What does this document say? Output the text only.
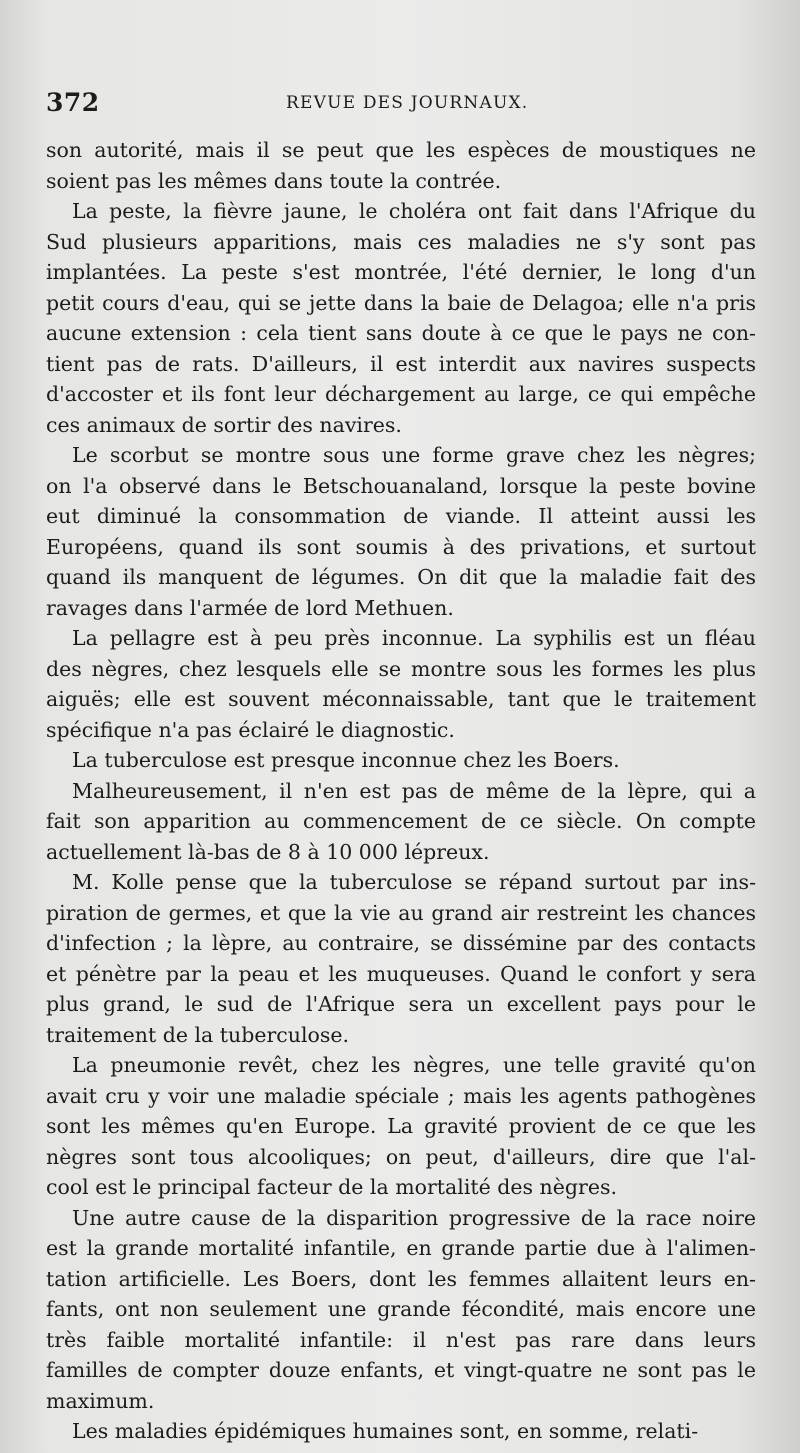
372	REVUE DES JOURNAUX.
son autorité, mais il se peut que les espèces de moustiques ne
soient pas les mêmes dans toute la contrée.
La peste, la fièvre jaune, le choléra ont fait dans l'Afrique du
Sud plusieurs apparitions, mais ces maladies ne s'y sont pas
implantées. La peste s'est montrée, l'été dernier, le long d'un
petit cours d'eau, qui se jette dans la baie de Delagoa; elle n'a pris
aucune extension : cela tient sans doute à ce que le pays ne con-
tient pas de rats. D'ailleurs, il est interdit aux navires suspects
d'accoster et ils font leur déchargement au large, ce qui empêche
ces animaux de sortir des navires.
Le scorbut se montre sous une forme grave chez les nègres;
on l'a observé dans le Betschouanaland, lorsque la peste bovine
eut diminué la consommation de viande. Il atteint aussi les
Européens, quand ils sont soumis à des privations, et surtout
quand ils manquent de légumes. On dit que la maladie fait des
ravages dans l'armée de lord Methuen.
La pellagre est à peu près inconnue. La syphilis est un fléau
des nègres, chez lesquels elle se montre sous les formes les plus
aiguës; elle est souvent méconnaissable, tant que le traitement
spécifique n'a pas éclairé le diagnostic.
La tuberculose est presque inconnue chez les Boers.
Malheureusement, il n'en est pas de même de la lèpre, qui a
fait son apparition au commencement de ce siècle. On compte
actuellement là-bas de 8 à 10 000 lépreux.
M. Kolle pense que la tuberculose se répand surtout par ins-
piration de germes, et que la vie au grand air restreint les chances
d'infection ; la lèpre, au contraire, se dissémine par des contacts
et pénètre par la peau et les muqueuses. Quand le confort y sera
plus grand, le sud de l'Afrique sera un excellent pays pour le
traitement de la tuberculose.
La pneumonie revêt, chez les nègres, une telle gravité qu'on
avait cru y voir une maladie spéciale ; mais les agents pathogènes
sont les mêmes qu'en Europe. La gravité provient de ce que les
nègres sont tous alcooliques; on peut, d'ailleurs, dire que l'al-
cool est le principal facteur de la mortalité des nègres.
Une autre cause de la disparition progressive de la race noire
est la grande mortalité infantile, en grande partie due à l'alimen-
tation artificielle. Les Boers, dont les femmes allaitent leurs en-
fants, ont non seulement une grande fécondité, mais encore une
très faible mortalité infantile: il n'est pas rare dans leurs
familles de compter douze enfants, et vingt-quatre ne sont pas le
maximum.
Les maladies épidémiques humaines sont, en somme, relati-
